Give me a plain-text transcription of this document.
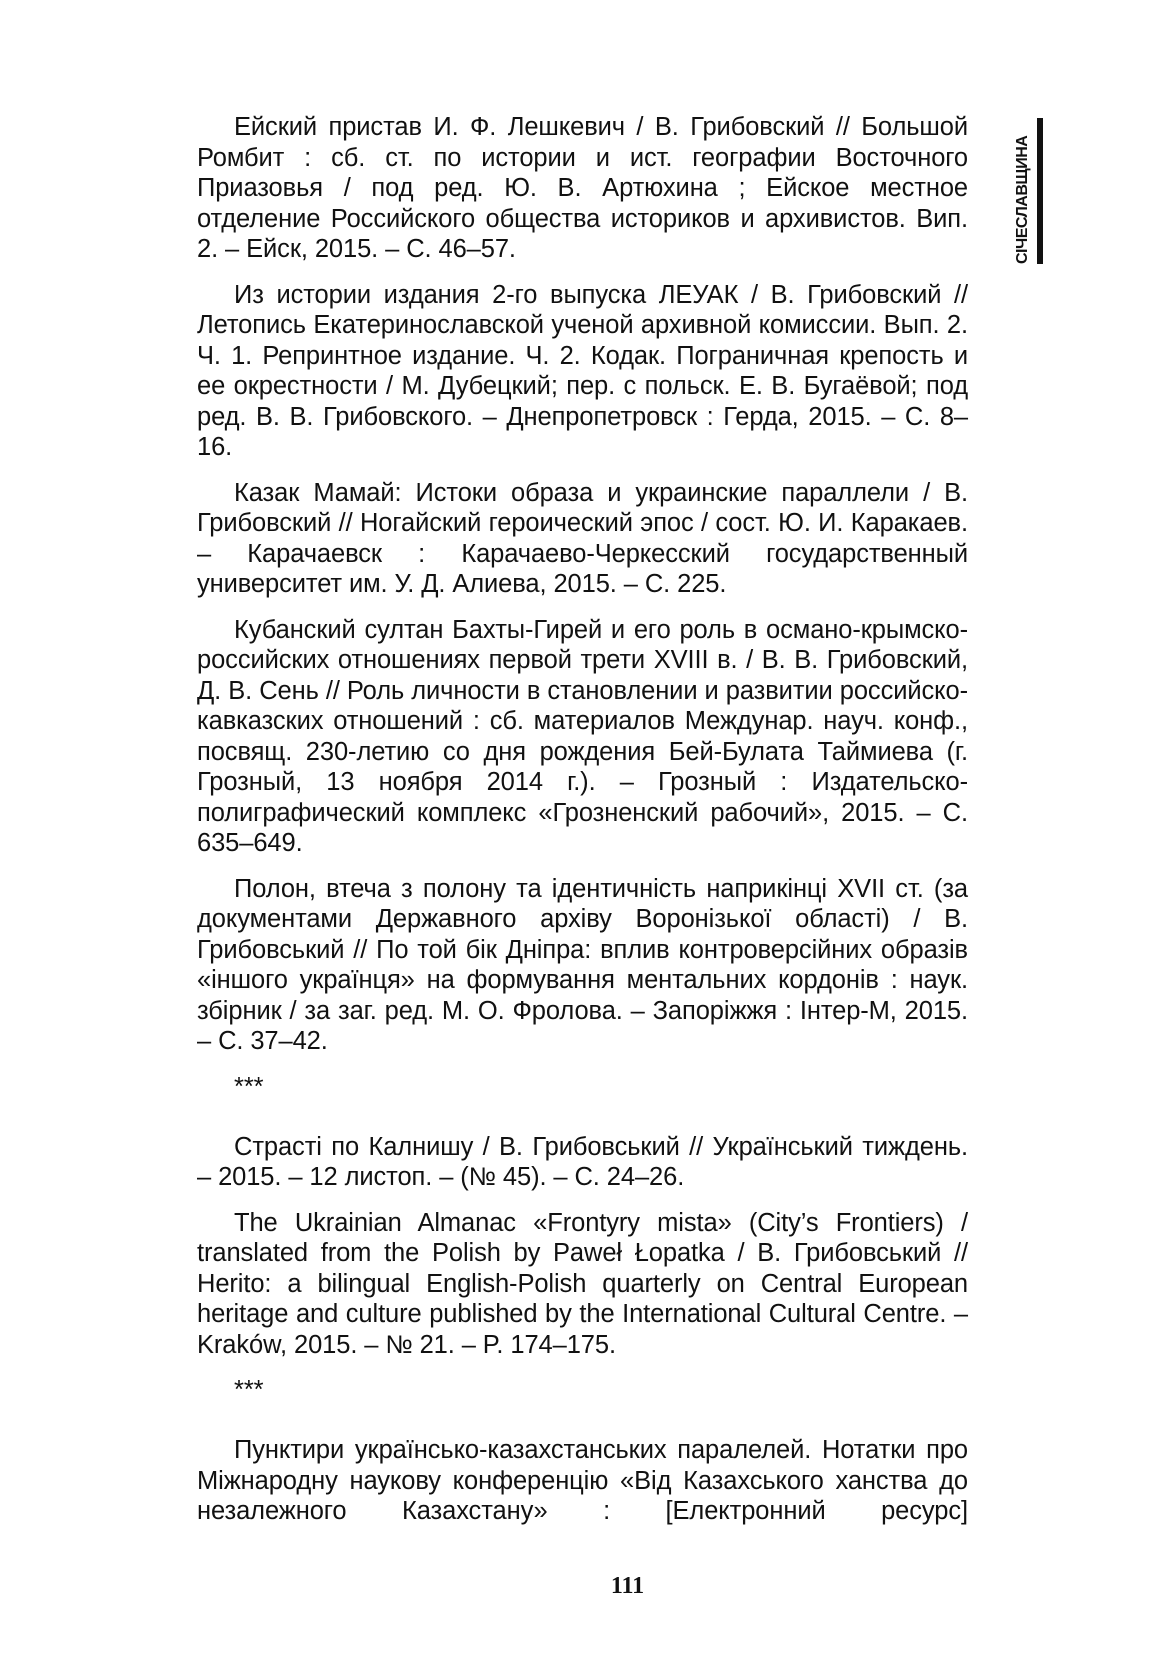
СІЧЕСЛАВЩИНА

Ейский пристав И. Ф. Лешкевич / В. Грибовский // Большой Ромбит : сб. ст. по истории и ист. географии Восточного Приазовья / под ред. Ю. В. Артюхина ; Ейское местное отделение Российского общества историков и архивистов. Вип. 2. – Ейск, 2015. – С. 46–57.

Из истории издания 2-го выпуска ЛЕУАК / В. Грибовский // Летопись Екатеринославской ученой архивной комиссии. Вып. 2. Ч. 1. Репринтное издание. Ч. 2. Кодак. Пограничная крепость и ее окрестности / М. Дубецкий; пер. с польск. Е. В. Бугаёвой; под ред. В. В. Грибовского. – Днепропетровск : Герда, 2015. – С. 8–16.

Казак Мамай: Истоки образа и украинские параллели / В. Грибовский // Ногайский героический эпос / сост. Ю. И. Каракаев. – Карачаевск : Карачаево-Черкесский государственный университет им. У. Д. Алиева, 2015. – С. 225.

Кубанский султан Бахты-Гирей и его роль в османо-крымско-российских отношениях первой трети XVIII в. / В. В. Грибовский, Д. В. Сень // Роль личности в становлении и развитии российско-кавказских отношений : сб. материалов Междунар. науч. конф., посвящ. 230-летию со дня рождения Бей-Булата Таймиева (г. Грозный, 13 ноября 2014 г.). – Грозный : Издательско-полиграфический комплекс «Грозненский рабочий», 2015. – С. 635–649.

Полон, втеча з полону та ідентичність наприкінці XVII ст. (за документами Державного архіву Воронізької області) / В. Грибовський // По той бік Дніпра: вплив контроверсійних образів «іншого українця» на формування ментальних кордонів : наук. збірник / за заг. ред. М. О. Фролова. – Запоріжжя : Інтер-М, 2015. – С. 37–42.

***

Страсті по Калнишу / В. Грибовський // Український тиждень. – 2015. – 12 листоп. – (№ 45). – С. 24–26.

The Ukrainian Almanac «Frontyry mista» (City’s Frontiers) / translated from the Polish by Paweł Łopatka / В. Грибовський // Herito: a bilingual English-Polish quarterly on Central European heritage and culture published by the International Cultural Centre. – Kraków, 2015. – № 21. – P. 174–175.

***

Пунктири українсько-казахстанських паралелей. Нотатки про Міжнародну наукову конференцію «Від Казахського ханства до незалежного Казахстану» : [Електронний ресурс]

111
